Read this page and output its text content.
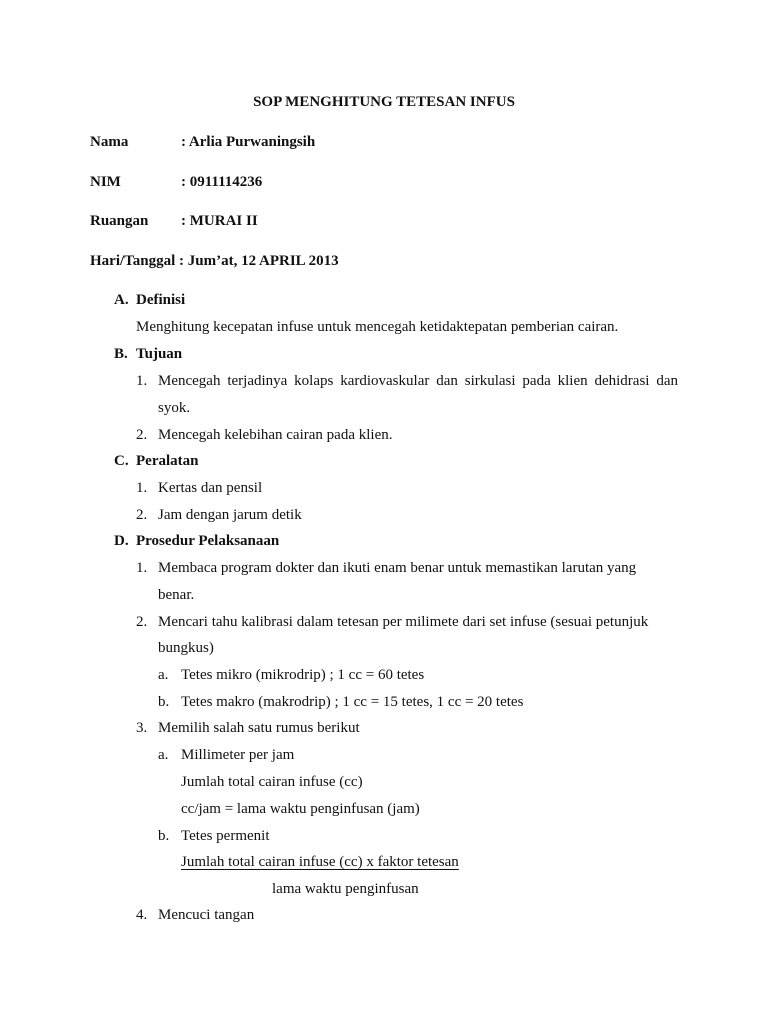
SOP MENGHITUNG TETESAN INFUS
Nama	: Arlia Purwaningsih
NIM	: 0911114236
Ruangan : MURAI II
Hari/Tanggal : Jum’at, 12 APRIL 2013
A. Definisi
Menghitung kecepatan infuse untuk mencegah ketidaktepatan pemberian cairan.
B. Tujuan
1. Mencegah terjadinya kolaps kardiovaskular dan sirkulasi pada klien dehidrasi dan
syok.
2. Mencegah kelebihan cairan pada klien.
C. Peralatan
1. Kertas dan pensil
2. Jam dengan jarum detik
D. Prosedur Pelaksanaan
1. Membaca program dokter dan ikuti enam benar untuk memastikan larutan yang
benar.
2. Mencari tahu kalibrasi dalam tetesan per milimete dari set infuse (sesuai petunjuk
bungkus)
a. Tetes mikro (mikrodrip) ; 1 cc = 60 tetes
b. Tetes makro (makrodrip) ; 1 cc = 15 tetes, 1 cc = 20 tetes
3. Memilih salah satu rumus berikut
a. Millimeter per jam
Jumlah total cairan infuse (cc)
cc/jam = lama waktu penginfusan (jam)
b. Tetes permenit
Jumlah total cairan infuse (cc) x faktor tetesan
lama waktu penginfusan
4. Mencuci tangan
